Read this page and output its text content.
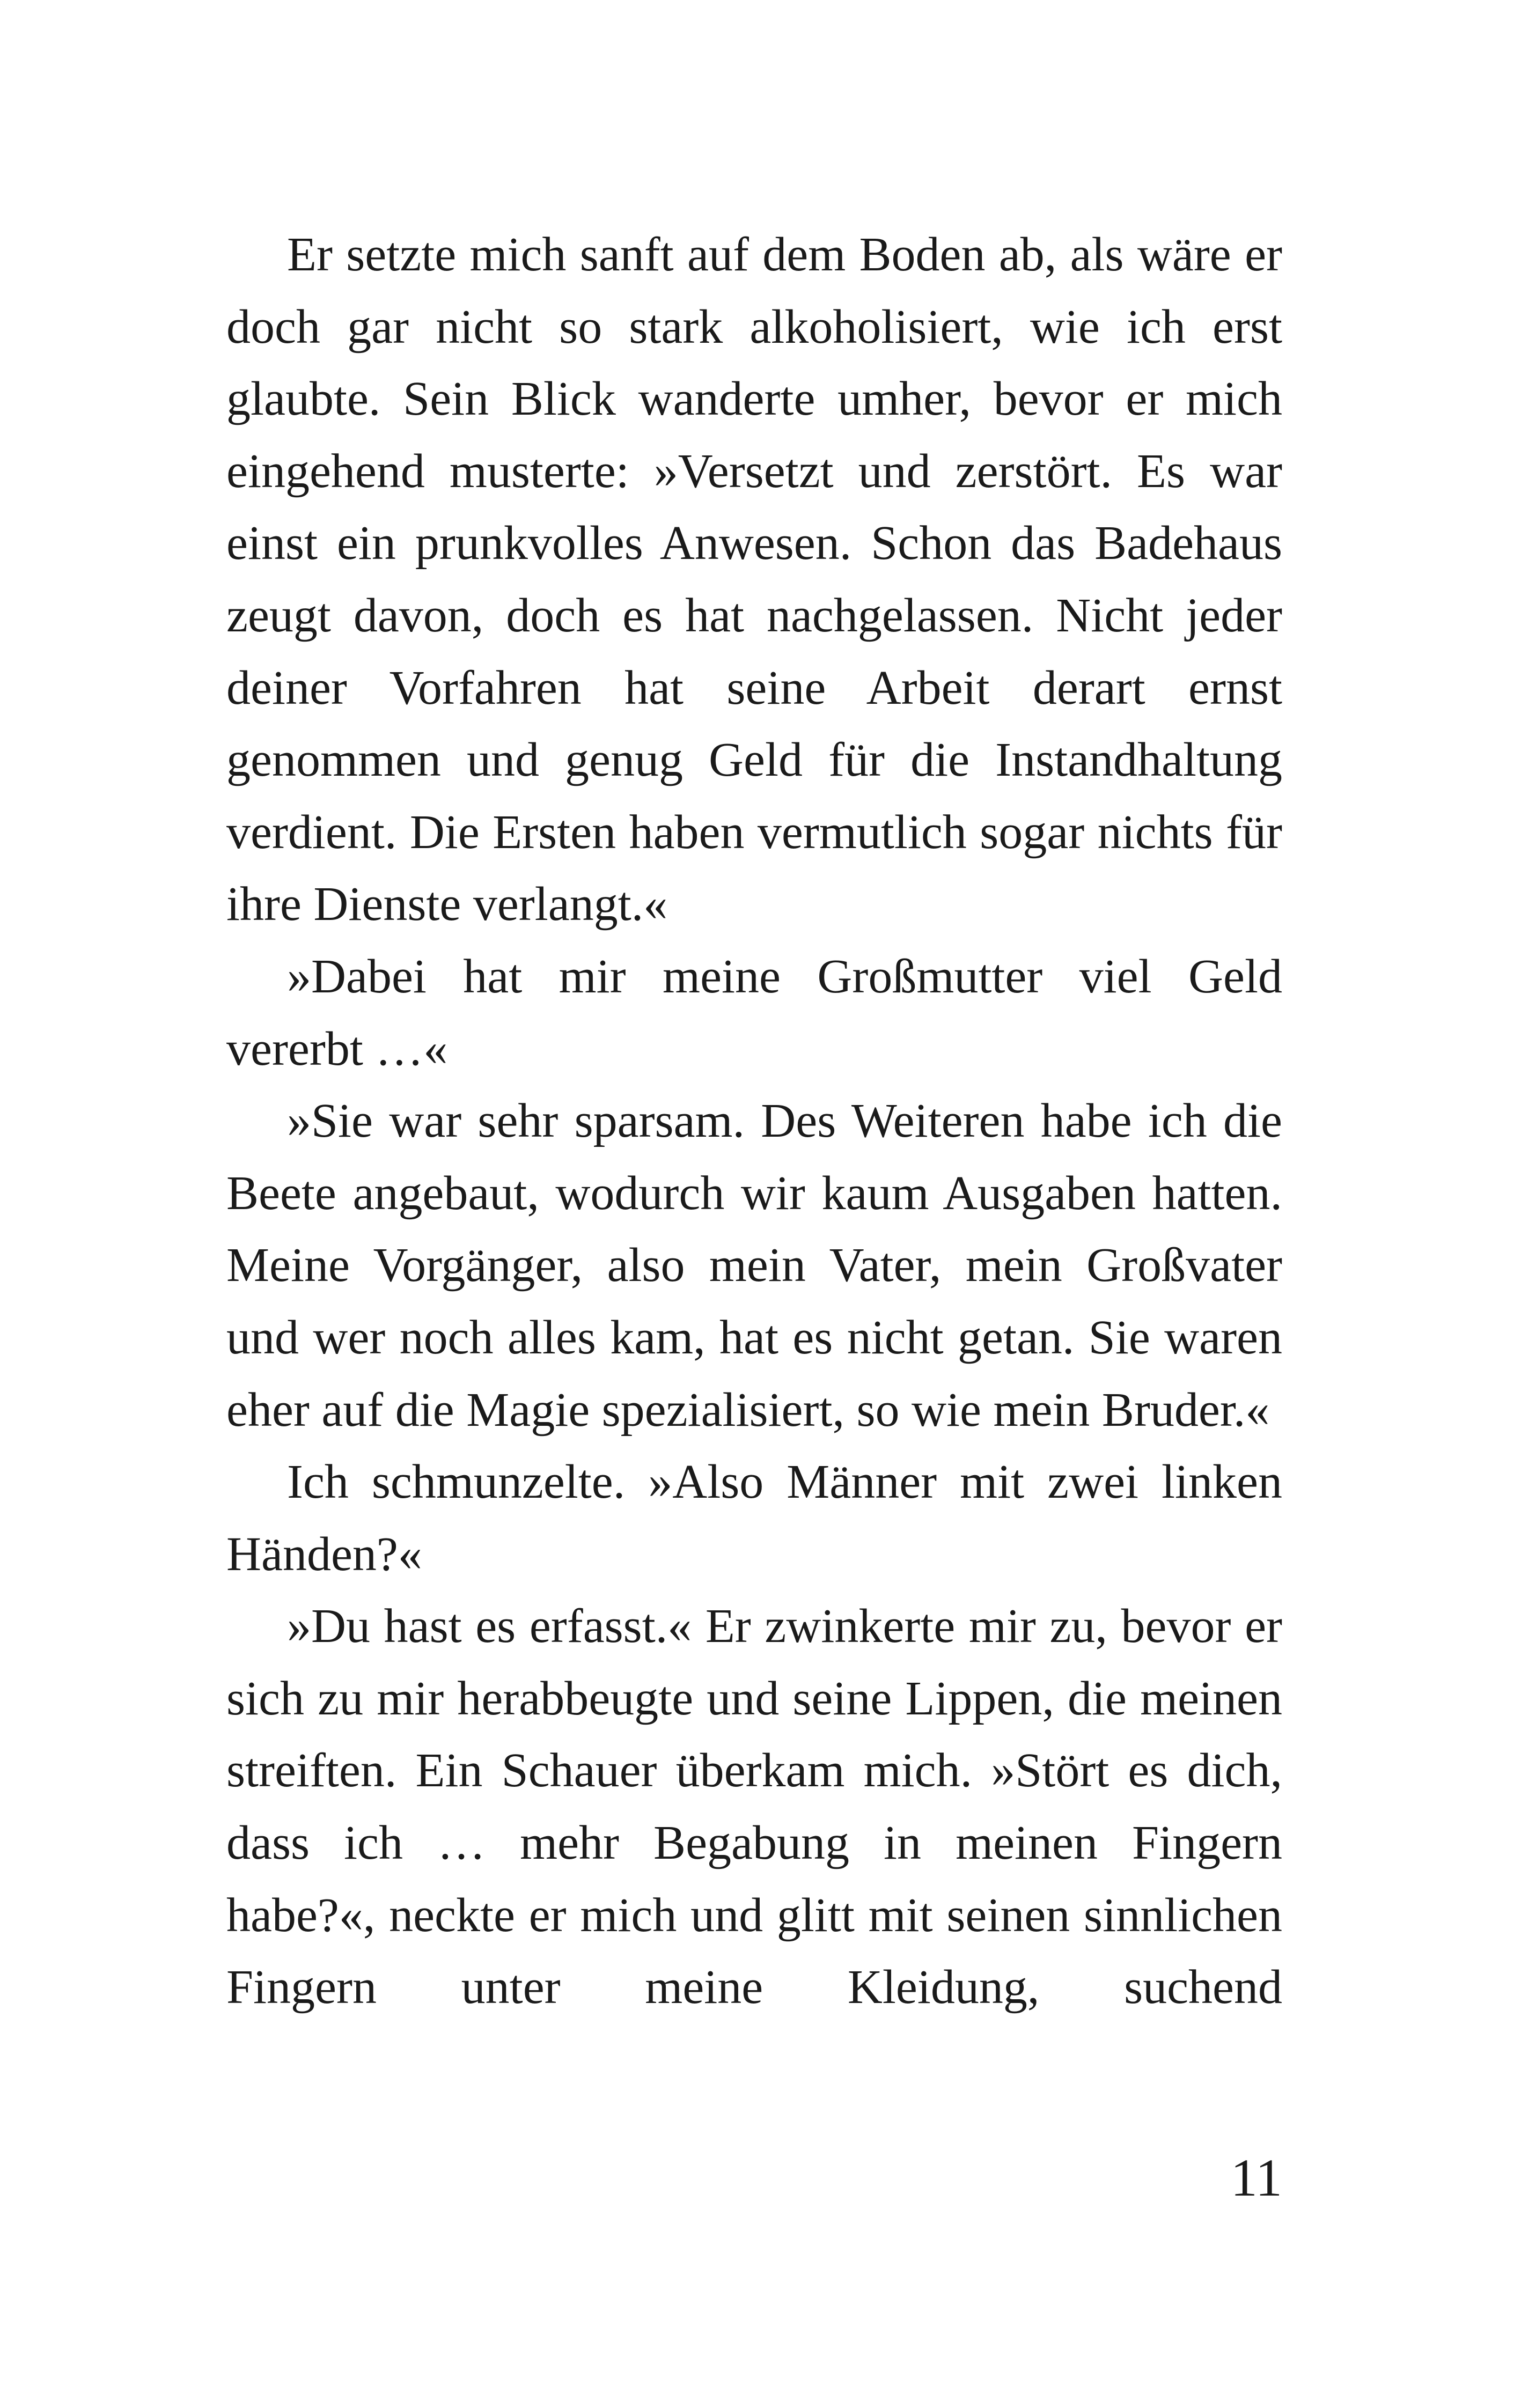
Er setzte mich sanft auf dem Boden ab, als wäre er doch gar nicht so stark alkoholisiert, wie ich erst glaubte. Sein Blick wanderte umher, bevor er mich eingehend musterte: »Versetzt und zerstört. Es war einst ein prunkvolles Anwesen. Schon das Badehaus zeugt davon, doch es hat nachgelassen. Nicht jeder deiner Vorfahren hat seine Arbeit derart ernst genommen und genug Geld für die Instandhaltung verdient. Die Ersten haben vermutlich sogar nichts für ihre Dienste verlangt.«

»Dabei hat mir meine Großmutter viel Geld vererbt …«

»Sie war sehr sparsam. Des Weiteren habe ich die Beete angebaut, wodurch wir kaum Ausgaben hatten. Meine Vorgänger, also mein Vater, mein Großvater und wer noch alles kam, hat es nicht getan. Sie waren eher auf die Magie spezialisiert, so wie mein Bruder.«

Ich schmunzelte. »Also Männer mit zwei linken Händen?«

»Du hast es erfasst.« Er zwinkerte mir zu, bevor er sich zu mir herabbeugte und seine Lippen, die meinen streiften. Ein Schauer überkam mich. »Stört es dich, dass ich … mehr Begabung in meinen Fingern habe?«, neckte er mich und glitt mit seinen sinnlichen Fingern unter meine Kleidung, suchend

11
